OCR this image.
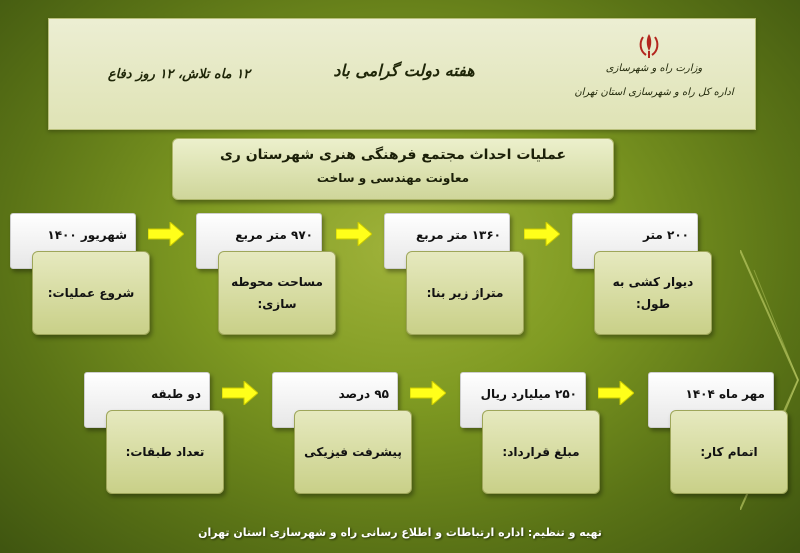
۱۲ ماه تلاش، ۱۲ روز دفاع	هفته دولت گرامی باد	وزارت راه و شهرسازی
اداره کل راه و شهرسازی استان تهران
عملیات احداث مجتمع فرهنگی هنری شهرستان ری
معاونت مهندسی و ساخت
شهریور ۱۴۰۰
شروع عملیات:
۹۷۰ متر مربع
مساحت محوطه سازی:
۱۳۶۰ متر مربع
متراژ زیر بنا:
۲۰۰ متر
دیوار کشی به طول:
دو طبقه
تعداد طبقات:
۹۵ درصد
پیشرفت فیزیکی
۲۵۰ میلیارد ریال
مبلغ قرارداد:
مهر ماه ۱۴۰۴
اتمام کار:
تهیه و تنظیم: اداره ارتباطات و اطلاع رسانی راه و شهرسازی استان تهران
